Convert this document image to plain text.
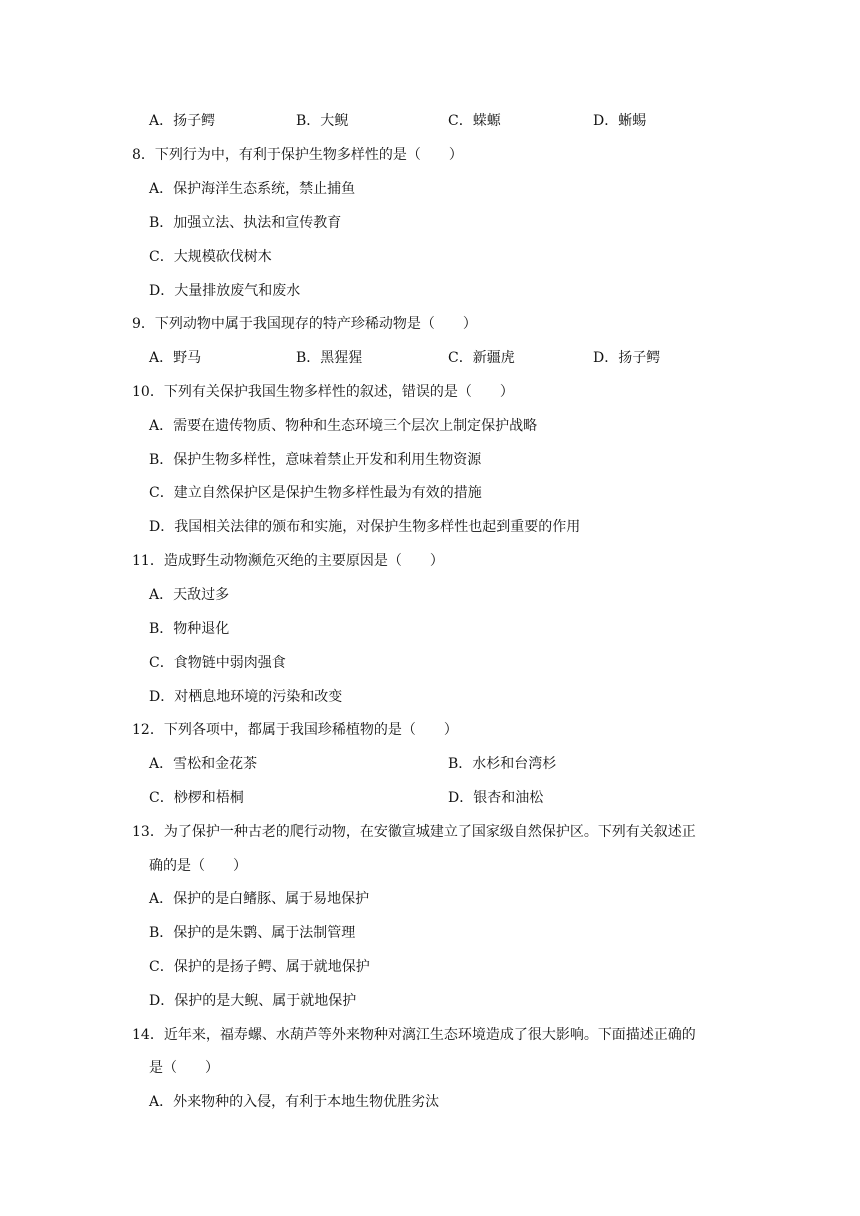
A．扬子鳄	B．大鲵	C．蝾螈	D．蜥蜴
8．下列行为中，有利于保护生物多样性的是（　　）
A．保护海洋生态系统，禁止捕鱼
B．加强立法、执法和宣传教育
C．大规模砍伐树木
D．大量排放废气和废水
9．下列动物中属于我国现存的特产珍稀动物是（　　）
A．野马	B．黑猩猩	C．新疆虎	D．扬子鳄
10．下列有关保护我国生物多样性的叙述，错误的是（　　）
A．需要在遗传物质、物种和生态环境三个层次上制定保护战略
B．保护生物多样性，意味着禁止开发和利用生物资源
C．建立自然保护区是保护生物多样性最为有效的措施
D．我国相关法律的颁布和实施，对保护生物多样性也起到重要的作用
11．造成野生动物濒危灭绝的主要原因是（　　）
A．天敌过多
B．物种退化
C．食物链中弱肉强食
D．对栖息地环境的污染和改变
12．下列各项中，都属于我国珍稀植物的是（　　）
A．雪松和金花茶	B．水杉和台湾杉
C．桫椤和梧桐	D．银杏和油松
13．为了保护一种古老的爬行动物，在安徽宣城建立了国家级自然保护区。下列有关叙述正
确的是（　　）
A．保护的是白鳍豚、属于易地保护
B．保护的是朱鹮、属于法制管理
C．保护的是扬子鳄、属于就地保护
D．保护的是大鲵、属于就地保护
14．近年来，福寿螺、水葫芦等外来物种对漓江生态环境造成了很大影响。下面描述正确的
是（　　）
A．外来物种的入侵，有利于本地生物优胜劣汰
